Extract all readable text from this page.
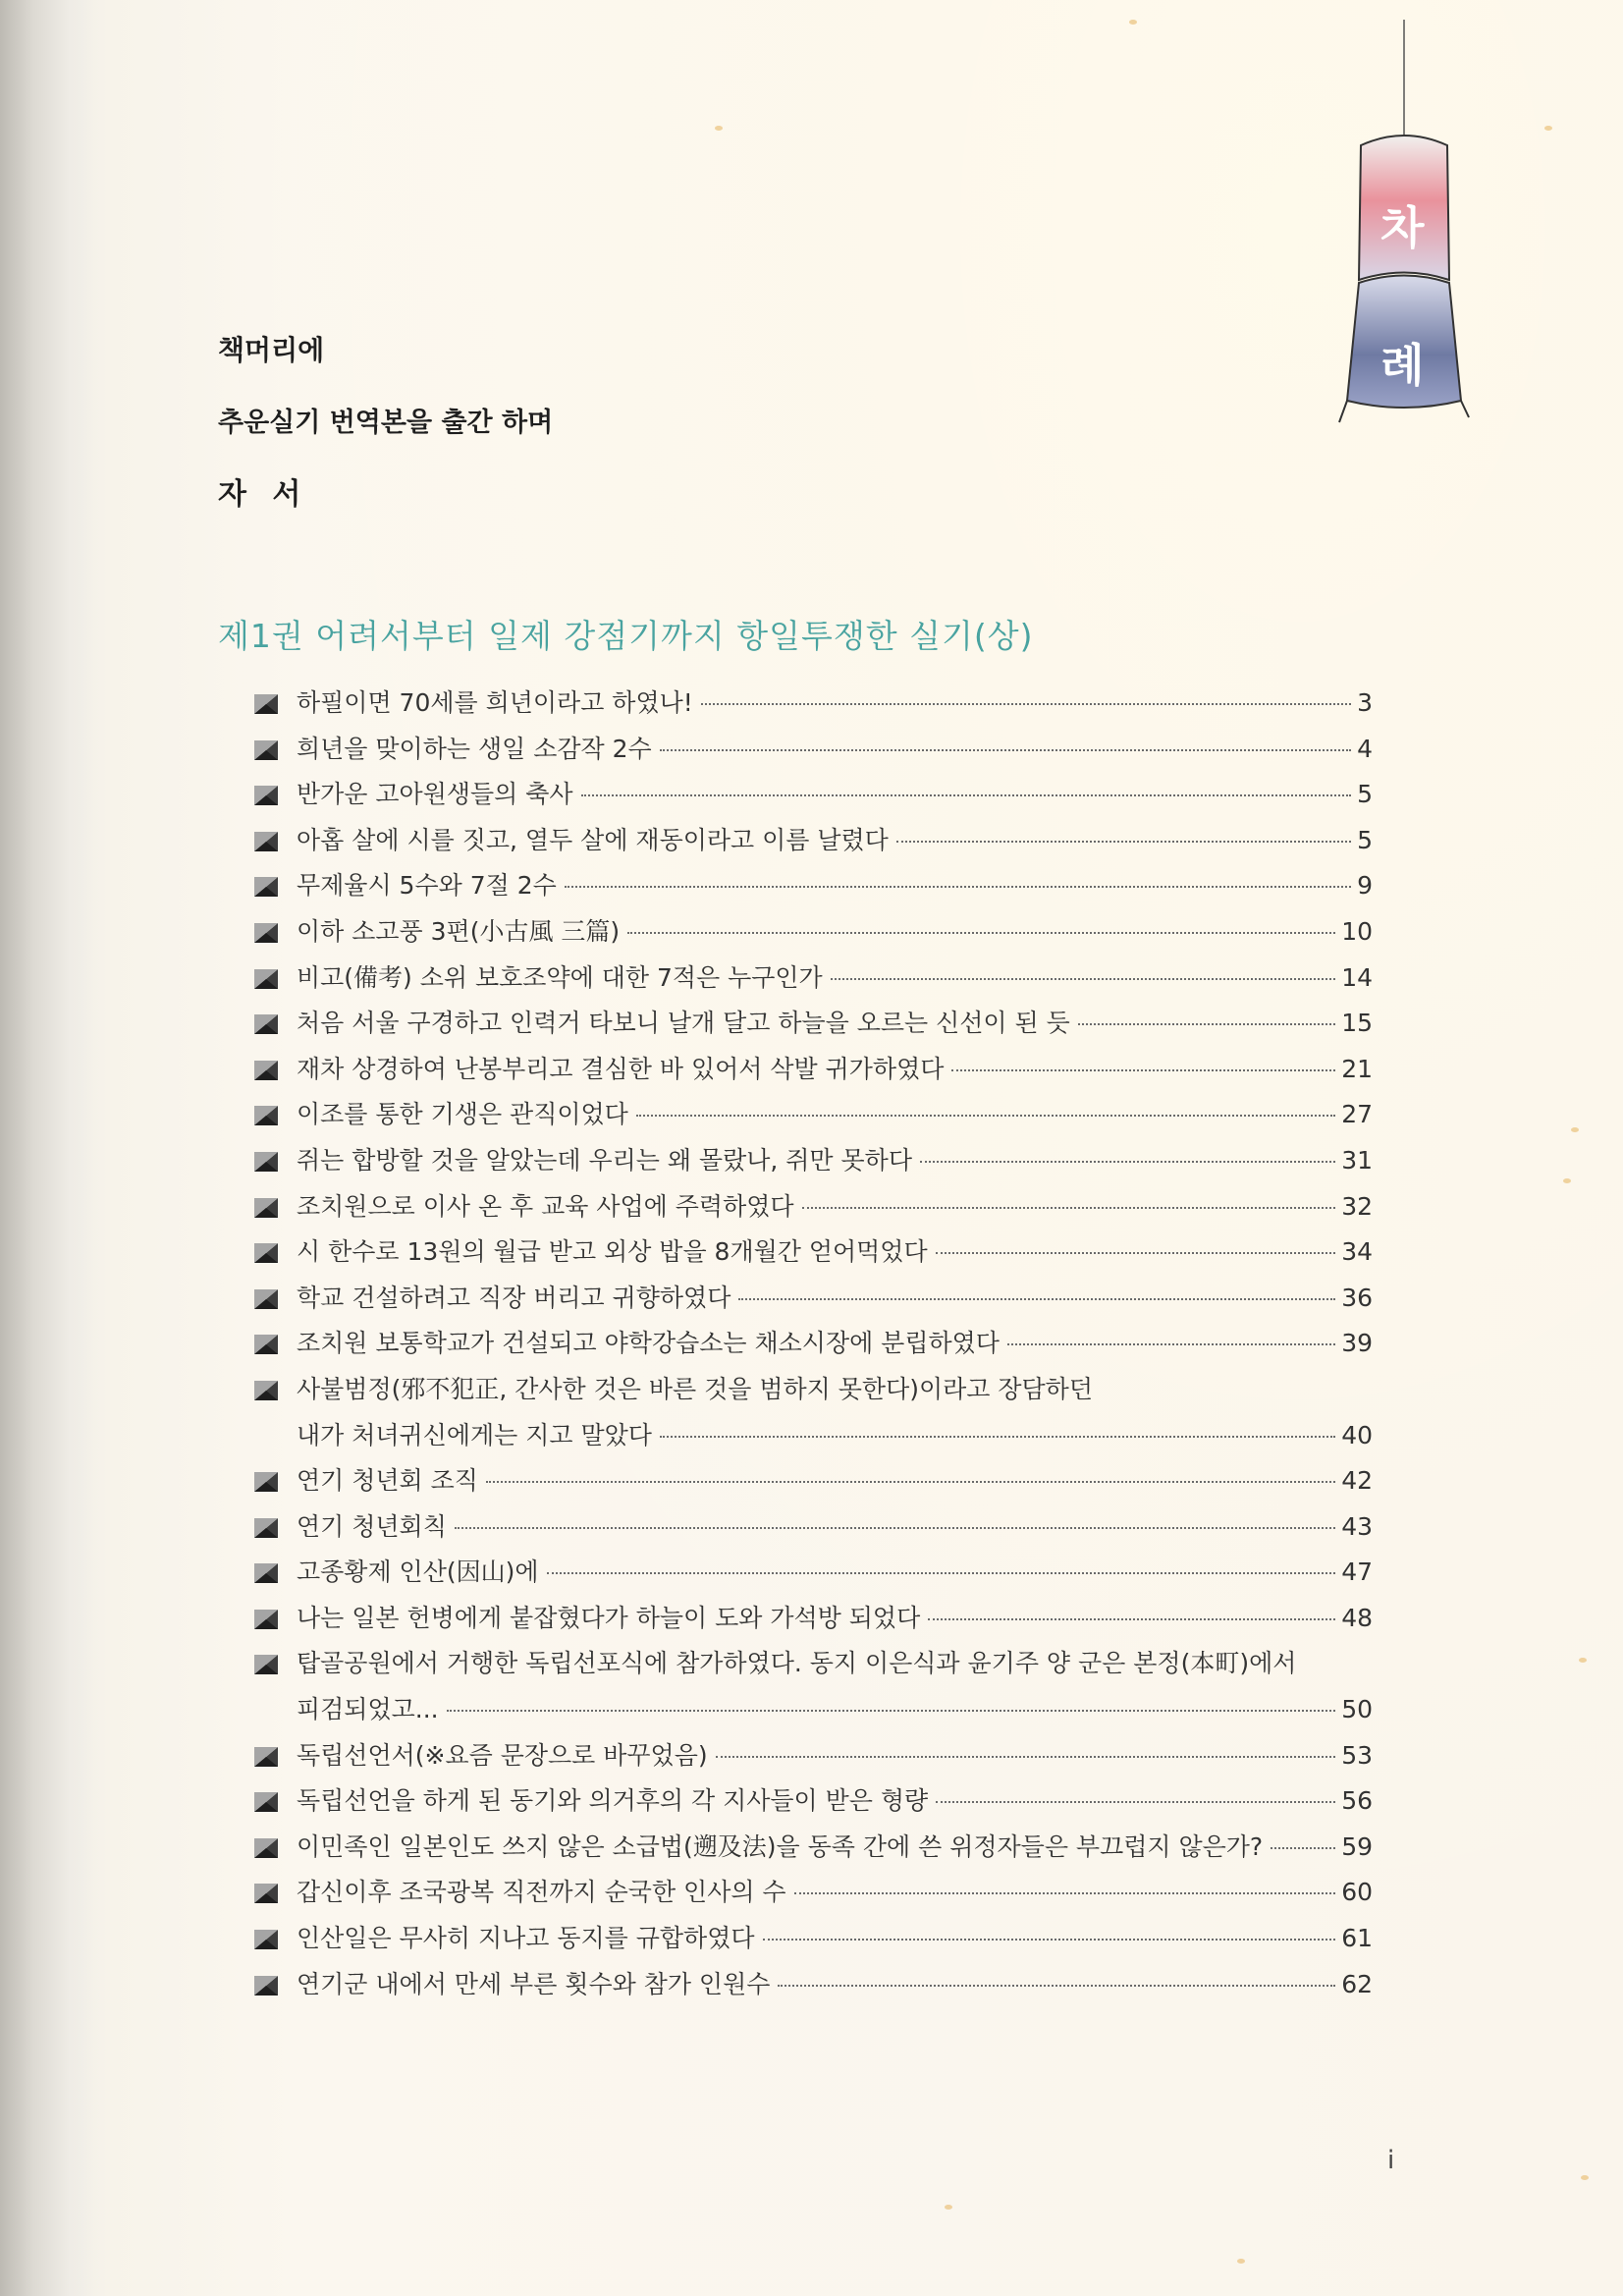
차
례
책머리에
추운실기 번역본을 출간 하며
자 서
제1권 어려서부터 일제 강점기까지 항일투쟁한 실기(상)
하필이면 70세를 희년이라고 하였나!	3
희년을 맞이하는 생일 소감작 2수	4
반가운 고아원생들의 축사	5
아홉 살에 시를 짓고, 열두 살에 재동이라고 이름 날렸다	5
무제율시 5수와 7절 2수	9
이하 소고풍 3편(小古風 三篇)	10
비고(備考) 소위 보호조약에 대한 7적은 누구인가	14
처음 서울 구경하고 인력거 타보니 날개 달고 하늘을 오르는 신선이 된 듯	15
재차 상경하여 난봉부리고 결심한 바 있어서 삭발 귀가하였다	21
이조를 통한 기생은 관직이었다	27
쥐는 합방할 것을 알았는데 우리는 왜 몰랐나, 쥐만 못하다	31
조치원으로 이사 온 후 교육 사업에 주력하였다	32
시 한수로 13원의 월급 받고 외상 밥을 8개월간 얻어먹었다	34
학교 건설하려고 직장 버리고 귀향하였다	36
조치원 보통학교가 건설되고 야학강습소는 채소시장에 분립하였다	39
사불범정(邪不犯正, 간사한 것은 바른 것을 범하지 못한다)이라고 장담하던
내가 처녀귀신에게는 지고 말았다	40
연기 청년회 조직	42
연기 청년회칙	43
고종황제 인산(因山)에	47
나는 일본 헌병에게 붙잡혔다가 하늘이 도와 가석방 되었다	48
탑골공원에서 거행한 독립선포식에 참가하였다. 동지 이은식과 윤기주 양 군은 본정(本町)에서
피검되었고...	50
독립선언서(※요즘 문장으로 바꾸었음)	53
독립선언을 하게 된 동기와 의거후의 각 지사들이 받은 형량	56
이민족인 일본인도 쓰지 않은 소급법(遡及法)을 동족 간에 쓴 위정자들은 부끄럽지 않은가?	59
갑신이후 조국광복 직전까지 순국한 인사의 수	60
인산일은 무사히 지나고 동지를 규합하였다	61
연기군 내에서 만세 부른 횟수와 참가 인원수	62
i
